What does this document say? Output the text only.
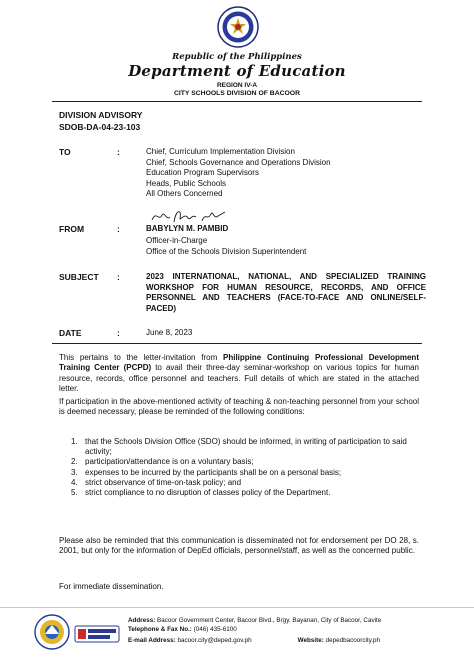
Republic of the Philippines
Department of Education
REGION IV-A
CITY SCHOOLS DIVISION OF BACOOR
DIVISION ADVISORY
SDOB-DA-04-23-103
TO	:	Chief, Curriculum Implementation Division
Chief, Schools Governance and Operations Division
Education Program Supervisors
Heads, Public Schools
All Others Concerned
FROM	:	BABYLYN M. PAMBID
Officer-in-Charge
Office of the Schools Division Superintendent
SUBJECT :	2023 INTERNATIONAL, NATIONAL, AND SPECIALIZED TRAINING WORKSHOP FOR HUMAN RESOURCE, RECORDS, AND OFFICE PERSONNEL AND TEACHERS (FACE-TO-FACE AND ONLINE/SELF-PACED)
DATE	:	June 8, 2023
This pertains to the letter-invitation from Philippine Continuing Professional Development Training Center (PCPD) to avail their three-day seminar-workshop on various topics for human resource, records, office personnel and teachers. Full details of which are stated in the attached letter.
If participation in the above-mentioned activity of teaching & non-teaching personnel from your school is deemed necessary, please be reminded of the following conditions:
1. that the Schools Division Office (SDO) should be informed, in writing of participation to said activity;
2. participation/attendance is on a voluntary basis;
3. expenses to be incurred by the participants shall be on a personal basis;
4. strict observance of time-on-task policy; and
5. strict compliance to no disruption of classes policy of the Department.
Please also be reminded that this communication is disseminated not for endorsement per DO 28, s. 2001, but only for the information of DepEd officials, personnel/staff, as well as the concerned public.
For immediate dissemination.
Address: Bacoor Government Center, Bacoor Blvd., Brgy. Bayanan, City of Bacoor, Cavite
Telephone & Fax No.: (046) 435-6100
E-mail Address: bacoor.city@deped.gov.ph	Website: depedbacoorcity.ph
